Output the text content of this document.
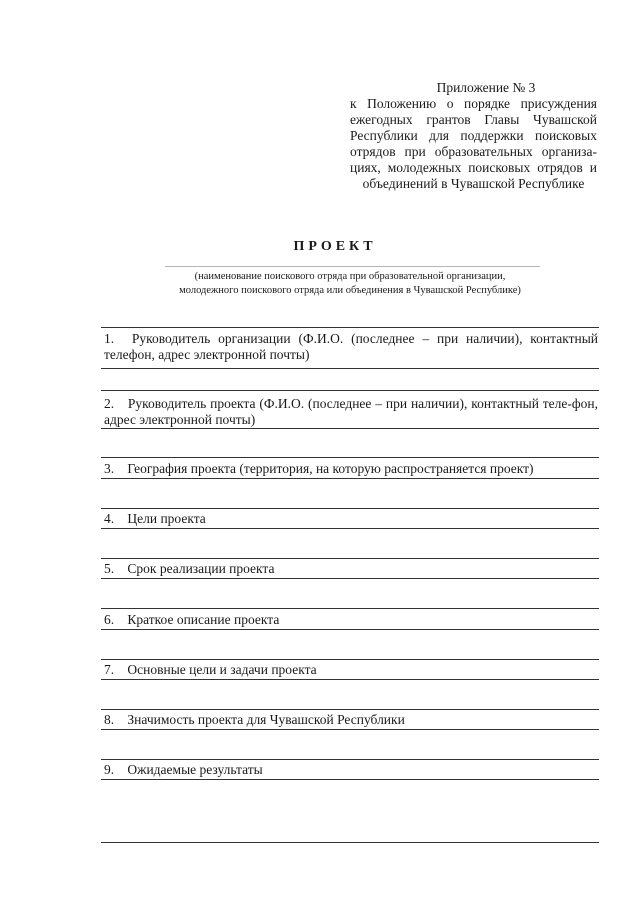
Приложение № 3
к Положению о порядке присуждения
ежегодных грантов Главы Чувашской
Республики для поддержки поисковых
отрядов при образовательных организа-
циях, молодежных поисковых отрядов и
объединений в Чувашской Республике
ПРОЕКТ
(наименование поискового отряда при образовательной организации,
молодежного поискового отряда или объединения в Чувашской Республике)
1. Руководитель организации (Ф.И.О. (последнее – при наличии), контактный телефон, адрес электронной почты)
2. Руководитель проекта (Ф.И.О. (последнее – при наличии), контактный теле-фон, адрес электронной почты)
3. География проекта (территория, на которую распространяется проект)
4. Цели проекта
5. Срок реализации проекта
6. Краткое описание проекта
7. Основные цели и задачи проекта
8. Значимость проекта для Чувашской Республики
9. Ожидаемые результаты
